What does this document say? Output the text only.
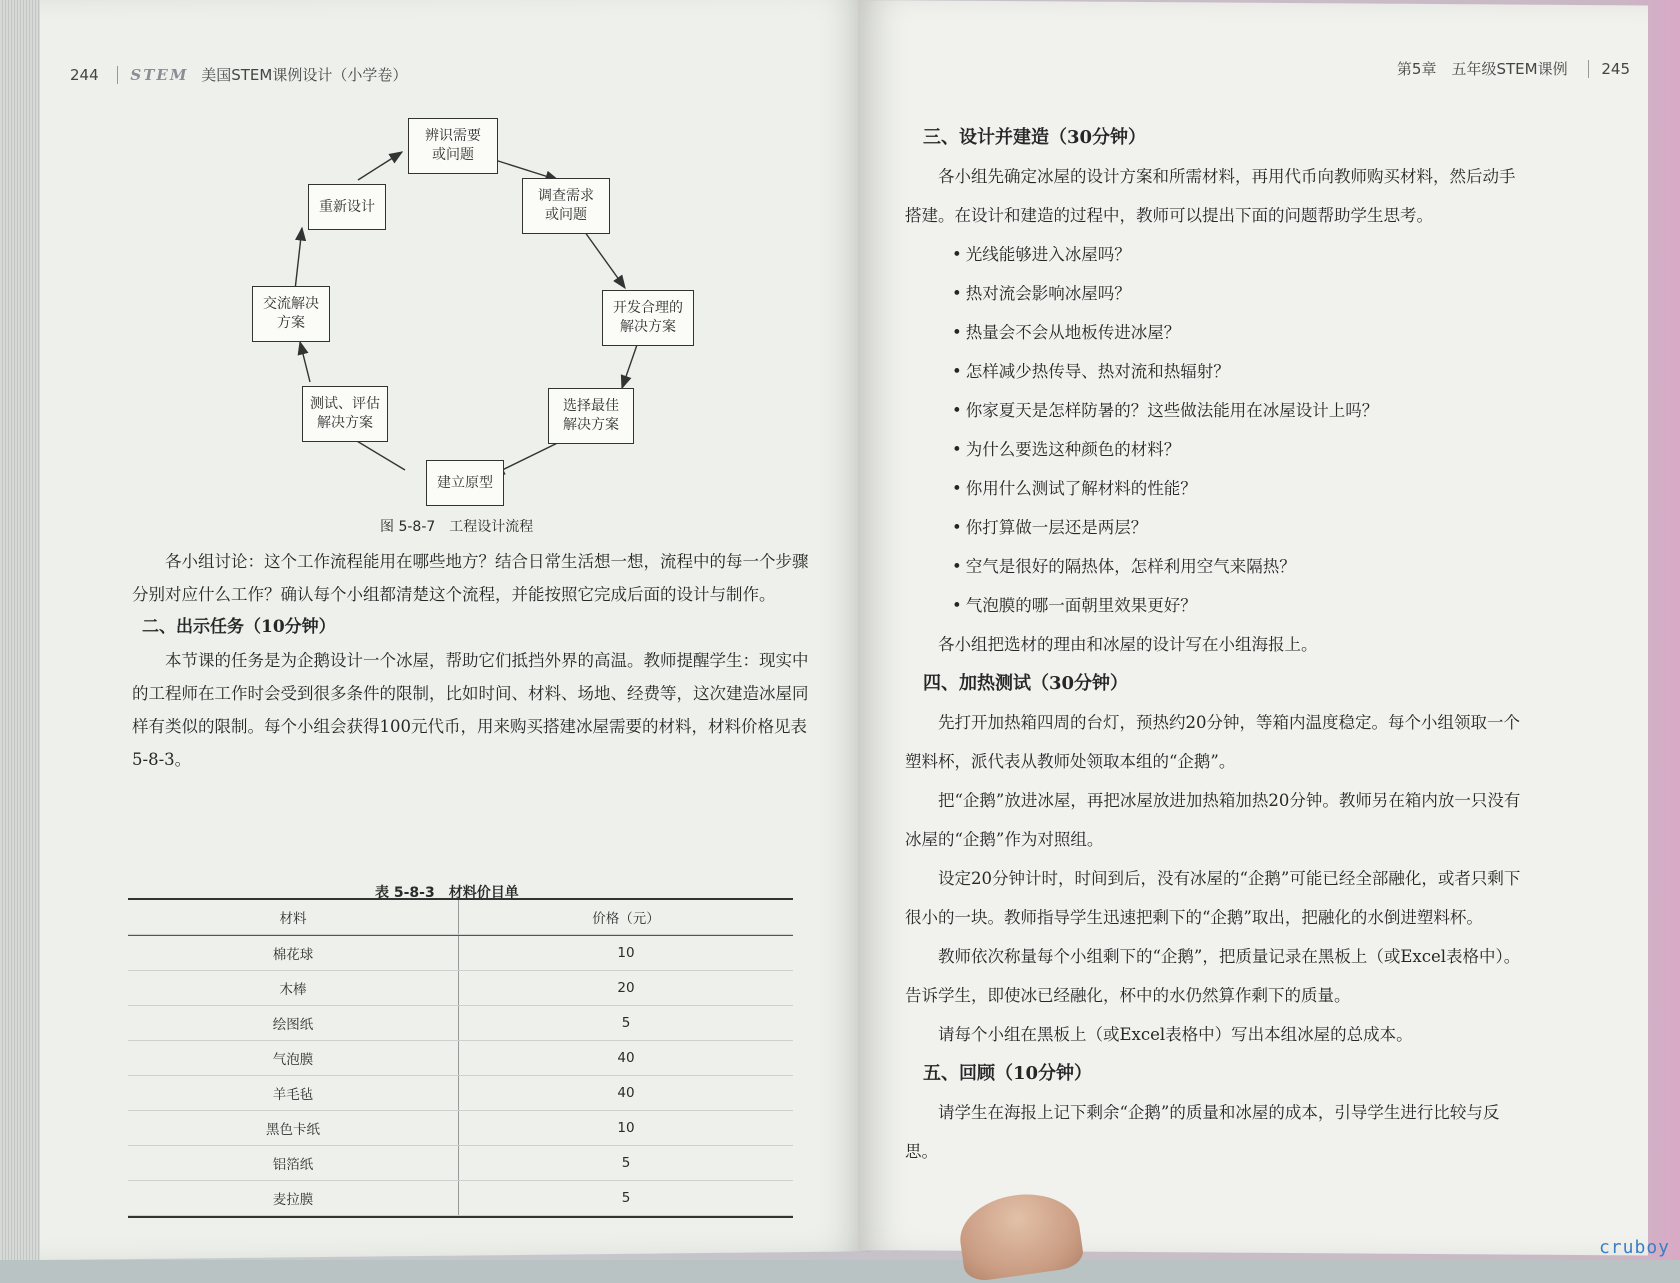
244 STEM 美国STEM课例设计（小学卷）	第5章　五年级STEM课例 245
辨识需要
或问题
调查需求
或问题
开发合理的
解决方案
选择最佳
解决方案
建立原型
测试、评估
解决方案
交流解决
方案
重新设计
图 5-8-7　工程设计流程

各小组讨论：这个工作流程能用在哪些地方？结合日常生活想一想，流程中的每一个步骤分别对应什么工作？确认每个小组都清楚这个流程，并能按照它完成后面的设计与制作。

二、出示任务（10分钟）

本节课的任务是为企鹅设计一个冰屋，帮助它们抵挡外界的高温。教师提醒学生：现实中的工程师在工作时会受到很多条件的限制，比如时间、材料、场地、经费等，这次建造冰屋同样有类似的限制。每个小组会获得100元代币，用来购买搭建冰屋需要的材料，材料价格见表5-8-3。

表 5-8-3　材料价目单
材料	价格（元）
棉花球	10
木棒	20
绘图纸	5
气泡膜	40
羊毛毡	40
黑色卡纸	10
铝箔纸	5
麦拉膜	5
三、设计并建造（30分钟）

各小组先确定冰屋的设计方案和所需材料，再用代币向教师购买材料，然后动手搭建。在设计和建造的过程中，教师可以提出下面的问题帮助学生思考。

• 光线能够进入冰屋吗？

• 热对流会影响冰屋吗？

• 热量会不会从地板传进冰屋？

• 怎样减少热传导、热对流和热辐射？

• 你家夏天是怎样防暑的？这些做法能用在冰屋设计上吗？

• 为什么要选这种颜色的材料？

• 你用什么测试了解材料的性能？

• 你打算做一层还是两层？

• 空气是很好的隔热体，怎样利用空气来隔热？

• 气泡膜的哪一面朝里效果更好？

各小组把选材的理由和冰屋的设计写在小组海报上。

四、加热测试（30分钟）

先打开加热箱四周的台灯，预热约20分钟，等箱内温度稳定。每个小组领取一个塑料杯，派代表从教师处领取本组的“企鹅”。

把“企鹅”放进冰屋，再把冰屋放进加热箱加热20分钟。教师另在箱内放一只没有冰屋的“企鹅”作为对照组。

设定20分钟计时，时间到后，没有冰屋的“企鹅”可能已经全部融化，或者只剩下很小的一块。教师指导学生迅速把剩下的“企鹅”取出，把融化的水倒进塑料杯。

教师依次称量每个小组剩下的“企鹅”，把质量记录在黑板上（或Excel表格中）。告诉学生，即使冰已经融化，杯中的水仍然算作剩下的质量。

请每个小组在黑板上（或Excel表格中）写出本组冰屋的总成本。

五、回顾（10分钟）

请学生在海报上记下剩余“企鹅”的质量和冰屋的成本，引导学生进行比较与反思。

cruboy
